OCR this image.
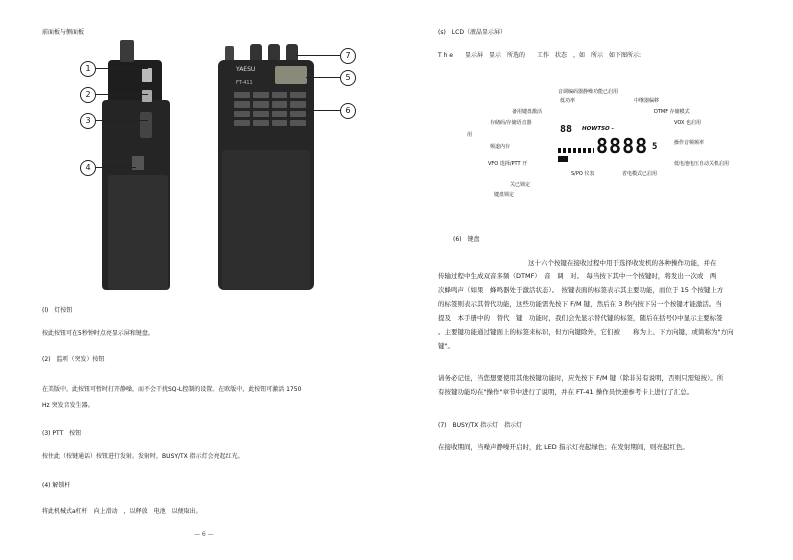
前面板与侧面板
YAESU
FT-411
1
2
3
4
7
5
6
(l)　灯按钮
按此按钮可在5秒钟时点亮显示屏和键盘。
(2)　监听（突发）按钮
在美版中，此按钮可暂时打开静噪，而不会干扰SQ-L控制的设置。在欧版中，此按钮可激活 1750
Hz 突发音发生器。
(3) PTT　按钮
按住此（按键通话）按钮进行发射。发射时，BUSY/TX 指示灯会亮起红光。
(4) 解锁杆
将此机械式a杠杆　向上滑动　，以释放　电池　以便取出。
— 6 —
(s)　LCD（液晶显示屏）
T h e　　显示屏　显示　所选的　　工作　状态　，如　所示　如下图所示:
音调编码器静噪功能已启用
低功率	中继器偏移
备用键盘激活	DTMF 存储模式
存储码/存储语音器	VOX 也启用
用
操作音频频率
频道内存
VFO 选择/PTT 开	低电池电压自动关机启用
S/PO 仪表	省电模式已启用
关已锁定
键盘锁定
88 HOWTSO -
8888 5
(6)　键盘
这十六个按键在接收过程中用于选择收发机的各种操作功能，并在
传输过程中生成双音多频（DTMF）　音　调　对。　每当按下其中一个按键时，将发出一次或　两
次蜂鸣声（如果　蜂鸣器处于激活状态）。　按键表面的标签表示其主要功能，而位于 15 个按键上方
的标签则表示其替代功能，这些功能需先按下 F/M 键，然后在 3 秒内按下另一个按键才能激活。当
提及　本手册中的　替代　键　功能时，我们会先显示替代键的标签，随后在括号()中显示主要标签
。主要键功能通过键面上的标签来标识，但方向键除外，它们被　　称为上、下方向键，或简称为"方向
键"。
请务必记住，当您想要使用其他按键功能时，应先按下 F/M 键（除非另有说明，否则只需短按）。所
有按键功能均在"操作"章节中进行了说明，并在 FT-41 操作员快速参考卡上进行了汇总。
(7)　BUSY/TX 指示灯　指示灯
在接收期间，当噪声静噪开启时，此 LED 指示灯亮起绿色；在发射期间，则亮起红色。
